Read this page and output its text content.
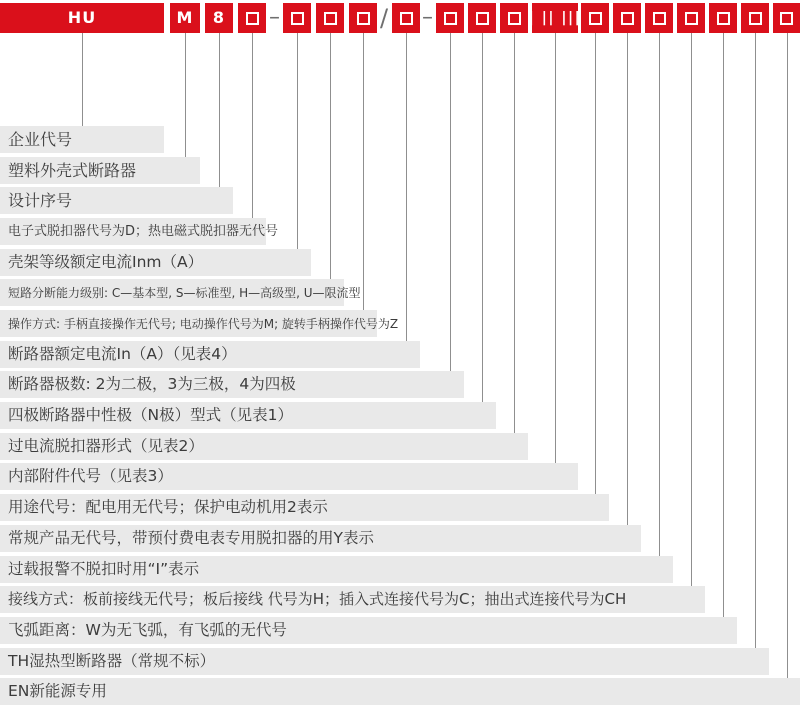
HU
企业代号
M
塑料外壳式断路器
8
设计序号
电子式脱扣器代号为D；热电磁式脱扣器无代号
壳架等级额定电流Inm（A）
短路分断能力级别: C—基本型, S—标准型, H—高级型, U—限流型
操作方式: 手柄直接操作无代号; 电动操作代号为M; 旋转手柄操作代号为Z
断路器额定电流In（A）（见表4）
断路器极数: 2为二极，3为三极，4为四极
四极断路器中性极（N极）型式（见表1）
过电流脱扣器形式（见表2）
| || |||
内部附件代号（见表3）
用途代号：配电用无代号；保护电动机用2表示
常规产品无代号，带预付费电表专用脱扣器的用Y表示
过载报警不脱扣时用“I”表示
接线方式：板前接线无代号；板后接线 代号为H；插入式连接代号为C；抽出式连接代号为CH
飞弧距离：W为无飞弧，有飞弧的无代号
TH湿热型断路器（常规不标）
EN新能源专用
–	/ –
